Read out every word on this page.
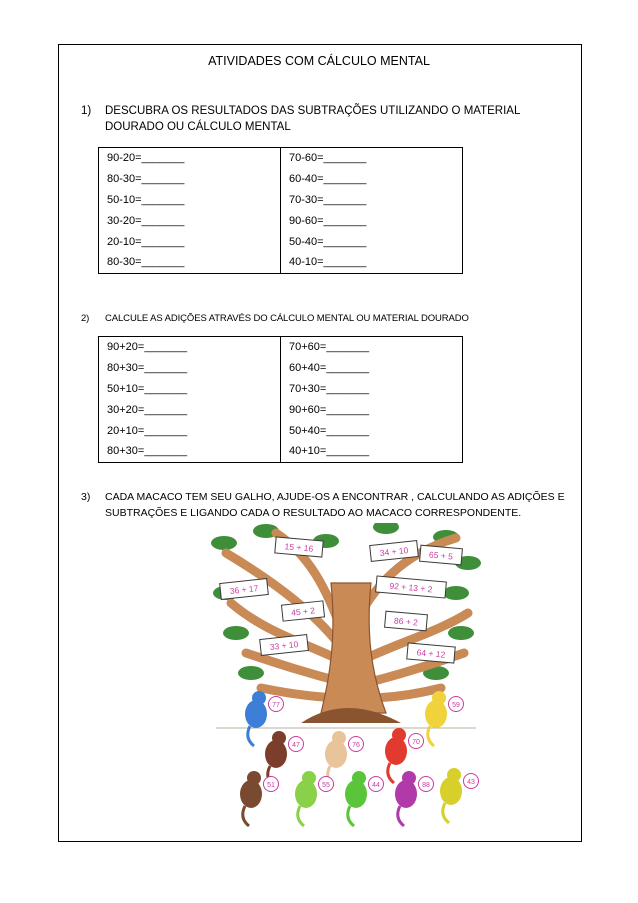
ATIVIDADES COM CÁLCULO MENTAL
1) DESCUBRA OS RESULTADOS DAS SUBTRAÇÕES UTILIZANDO O MATERIAL DOURADO OU CÁLCULO MENTAL
90-20=_______	70-60=_______
80-30=_______	60-40=_______
50-10=_______	70-30=_______
30-20=_______	90-60=_______
20-10=_______	50-40=_______
80-30=_______	40-10=_______
2) CALCULE AS ADIÇÕES ATRAVÉS DO CÁLCULO MENTAL OU MATERIAL DOURADO
90+20=_______	70+60=_______
80+30=_______	60+40=_______
50+10=_______	70+30=_______
30+20=_______	90+60=_______
20+10=_______	50+40=_______
80+30=_______	40+10=_______
3) CADA MACACO TEM SEU GALHO, AJUDE-OS A ENCONTRAR , CALCULANDO AS ADIÇÕES E SUBTRAÇÕES E LIGANDO CADA O RESULTADO AO MACACO CORRESPONDENTE.
15 + 16	34 + 10 65 + 5
36 + 17	92 + 13 + 2
45 + 2
86 + 2
33 + 10
64 + 12
77	59
47	76	70
51	55	44	88	43
